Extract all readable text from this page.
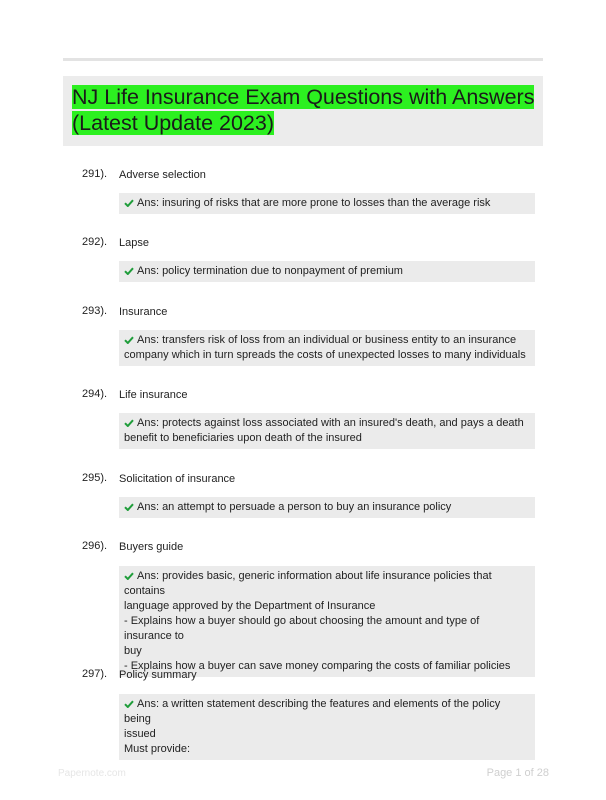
NJ Life Insurance Exam Questions with Answers
(Latest Update 2023)
291). Adverse selection
Ans: insuring of risks that are more prone to losses than the average risk
292). Lapse
Ans: policy termination due to nonpayment of premium
293). Insurance
Ans: transfers risk of loss from an individual or business entity to an insurance
company which in turn spreads the costs of unexpected losses to many individuals
294). Life insurance
Ans: protects against loss associated with an insured's death, and pays a death
benefit to beneficiaries upon death of the insured
295). Solicitation of insurance
Ans: an attempt to persuade a person to buy an insurance policy
296). Buyers guide
Ans: provides basic, generic information about life insurance policies that contains
language approved by the Department of Insurance
- Explains how a buyer should go about choosing the amount and type of insurance to
buy
- Explains how a buyer can save money comparing the costs of familiar policies
297). Policy summary
Ans: a written statement describing the features and elements of the policy being
issued
Must provide:
Papernote.com	Page 1 of 28
